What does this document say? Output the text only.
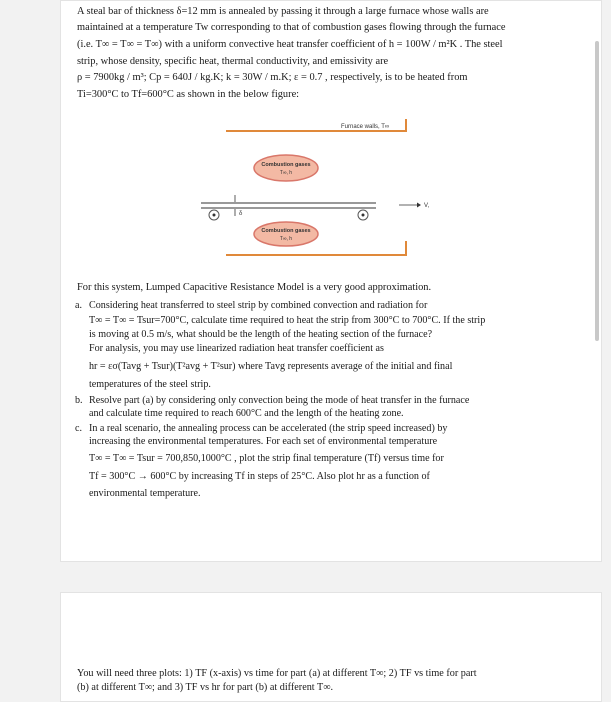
A steal bar of thickness δ=12 mm is annealed by passing it through a large furnace whose walls are
maintained at a temperature Tw corresponding to that of combustion gases flowing through the furnace
(i.e. T∞ = T∞ = T∞) with a uniform convective heat transfer coefficient of h = 100W / m²K . The steel
strip, whose density, specific heat, thermal conductivity, and emissivity are
ρ = 7900kg / m³; Cp = 640J / kg.K; k = 30W / m.K; ε = 0.7 , respectively, is to be heated from
Ti=300°C to Tf=600°C as shown in the below figure:
Furnace walls, T∞
Combustion gases
T∞, h
δ
V,
Combustion gases
T∞, h
For this system, Lumped Capacitive Resistance Model is a very good approximation.
a. Considering heat transferred to steel strip by combined convection and radiation for
T∞ = T∞ = Tsur=700°C, calculate time required to heat the strip from 300°C to 700°C. If the strip
is moving at 0.5 m/s, what should be the length of the heating section of the furnace?
For analysis, you may use linearized radiation heat transfer coefficient as
hr = εσ(Tavg + Tsur)(T²avg + T²sur) where Tavg represents average of the initial and final
temperatures of the steel strip.
b. Resolve part (a) by considering only convection being the mode of heat transfer in the furnace
and calculate time required to reach 600°C and the length of the heating zone.
c. In a real scenario, the annealing process can be accelerated (the strip speed increased) by
increasing the environmental temperatures. For each set of environmental temperature
T∞ = T∞ = Tsur = 700,850,1000°C , plot the strip final temperature (Tf) versus time for
Tf = 300°C → 600°C by increasing Tf in steps of 25°C. Also plot hr as a function of
environmental temperature.
You will need three plots: 1) TF (x-axis) vs time for part (a) at different T∞; 2) TF vs time for part
(b) at different T∞; and 3) TF vs hr for part (b) at different T∞.
